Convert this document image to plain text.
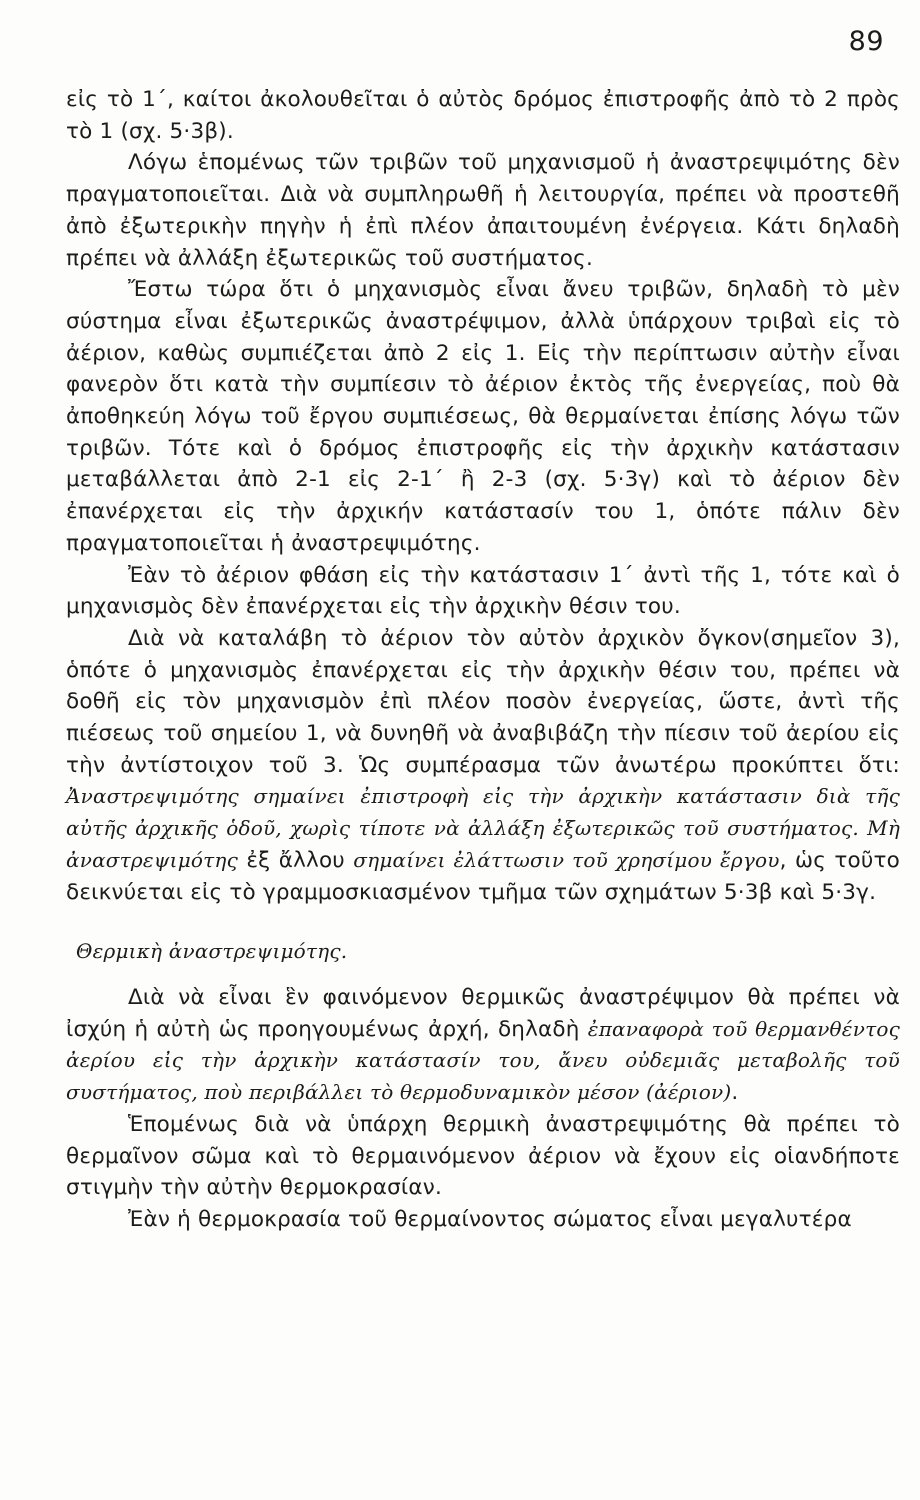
89

εἰς τὸ 1΄, καίτοι ἀκολουθεῖται ὁ αὐτὸς δρόμος ἐπιστροφῆς ἀπὸ τὸ 2 πρὸς τὸ 1 (σχ. 5·3β).

Λόγω ἑπομένως τῶν τριβῶν τοῦ μηχανισμοῦ ἡ ἀναστρεψιμότης δὲν πραγματοποιεῖται. Διὰ νὰ συμπληρωθῆ ἡ λειτουργία, πρέπει νὰ προστεθῆ ἀπὸ ἐξωτερικὴν πηγὴν ἡ ἐπὶ πλέον ἀπαιτουμένη ἐνέργεια. Κάτι δηλαδὴ πρέπει νὰ ἀλλάξη ἐξωτερικῶς τοῦ συστήματος.

Ἔστω τώρα ὅτι ὁ μηχανισμὸς εἶναι ἄνευ τριβῶν, δηλαδὴ τὸ μὲν σύστημα εἶναι ἐξωτερικῶς ἀναστρέψιμον, ἀλλὰ ὑπάρχουν τριβαὶ εἰς τὸ ἀέριον, καθὼς συμπιέζεται ἀπὸ 2 εἰς 1. Εἰς τὴν περίπτωσιν αὐτὴν εἶναι φανερὸν ὅτι κατὰ τὴν συμπίεσιν τὸ ἀέριον ἐκτὸς τῆς ἐνεργείας, ποὺ θὰ ἀποθηκεύη λόγω τοῦ ἔργου συμπιέσεως, θὰ θερμαίνεται ἐπίσης λόγω τῶν τριβῶν. Τότε καὶ ὁ δρόμος ἐπιστροφῆς εἰς τὴν ἀρχικὴν κατάστασιν μεταβάλλεται ἀπὸ 2-1 εἰς 2-1΄ ἢ 2-3 (σχ. 5·3γ) καὶ τὸ ἀέριον δὲν ἐπανέρχεται εἰς τὴν ἀρχικήν κατάστασίν του 1, ὁπότε πάλιν δὲν πραγματοποιεῖται ἡ ἀναστρεψιμότης.

Ἐὰν τὸ ἀέριον φθάση εἰς τὴν κατάστασιν 1΄ ἀντὶ τῆς 1, τότε καὶ ὁ μηχανισμὸς δὲν ἐπανέρχεται εἰς τὴν ἀρχικὴν θέσιν του.

Διὰ νὰ καταλάβη τὸ ἀέριον τὸν αὐτὸν ἀρχικὸν ὄγκον(σημεῖον 3), ὁπότε ὁ μηχανισμὸς ἐπανέρχεται εἰς τὴν ἀρχικὴν θέσιν του, πρέπει νὰ δοθῆ εἰς τὸν μηχανισμὸν ἐπὶ πλέον ποσὸν ἐνεργείας, ὥστε, ἀντὶ τῆς πιέσεως τοῦ σημείου 1, νὰ δυνηθῆ νὰ ἀναβιβάζη τὴν πίεσιν τοῦ ἀερίου εἰς τὴν ἀντίστοιχον τοῦ 3. Ὡς συμπέρασμα τῶν ἀνωτέρω προκύπτει ὅτι: Ἀναστρεψιμότης σημαίνει ἐπιστροφὴ εἰς τὴν ἀρχικὴν κατάστασιν διὰ τῆς αὐτῆς ἀρχικῆς ὁδοῦ, χωρὶς τίποτε νὰ ἀλλάξη ἐξωτερικῶς τοῦ συστήματος. Μὴ ἀναστρεψιμότης ἐξ ἄλλου σημαίνει ἐλάττωσιν τοῦ χρησίμου ἔργου, ὡς τοῦτο δεικνύεται εἰς τὸ γραμμοσκιασμένον τμῆμα τῶν σχημάτων 5·3β καὶ 5·3γ.

Θερμικὴ ἀναστρεψιμότης.

Διὰ νὰ εἶναι ἓν φαινόμενον θερμικῶς ἀναστρέψιμον θὰ πρέπει νὰ ἰσχύη ἡ αὐτὴ ὡς προηγουμένως ἀρχή, δηλαδὴ ἐπαναφορὰ τοῦ θερμανθέντος ἀερίου εἰς τὴν ἀρχικὴν κατάστασίν του, ἄνευ οὐδεμιᾶς μεταβολῆς τοῦ συστήματος, ποὺ περιβάλλει τὸ θερμοδυναμικὸν μέσον (ἀέριον).

Ἑπομένως διὰ νὰ ὑπάρχη θερμικὴ ἀναστρεψιμότης θὰ πρέπει τὸ θερμαῖνον σῶμα καὶ τὸ θερμαινόμενον ἀέριον νὰ ἔχουν εἰς οἱανδήποτε στιγμὴν τὴν αὐτὴν θερμοκρασίαν.

Ἐὰν ἡ θερμοκρασία τοῦ θερμαίνοντος σώματος εἶναι μεγαλυτέρα
